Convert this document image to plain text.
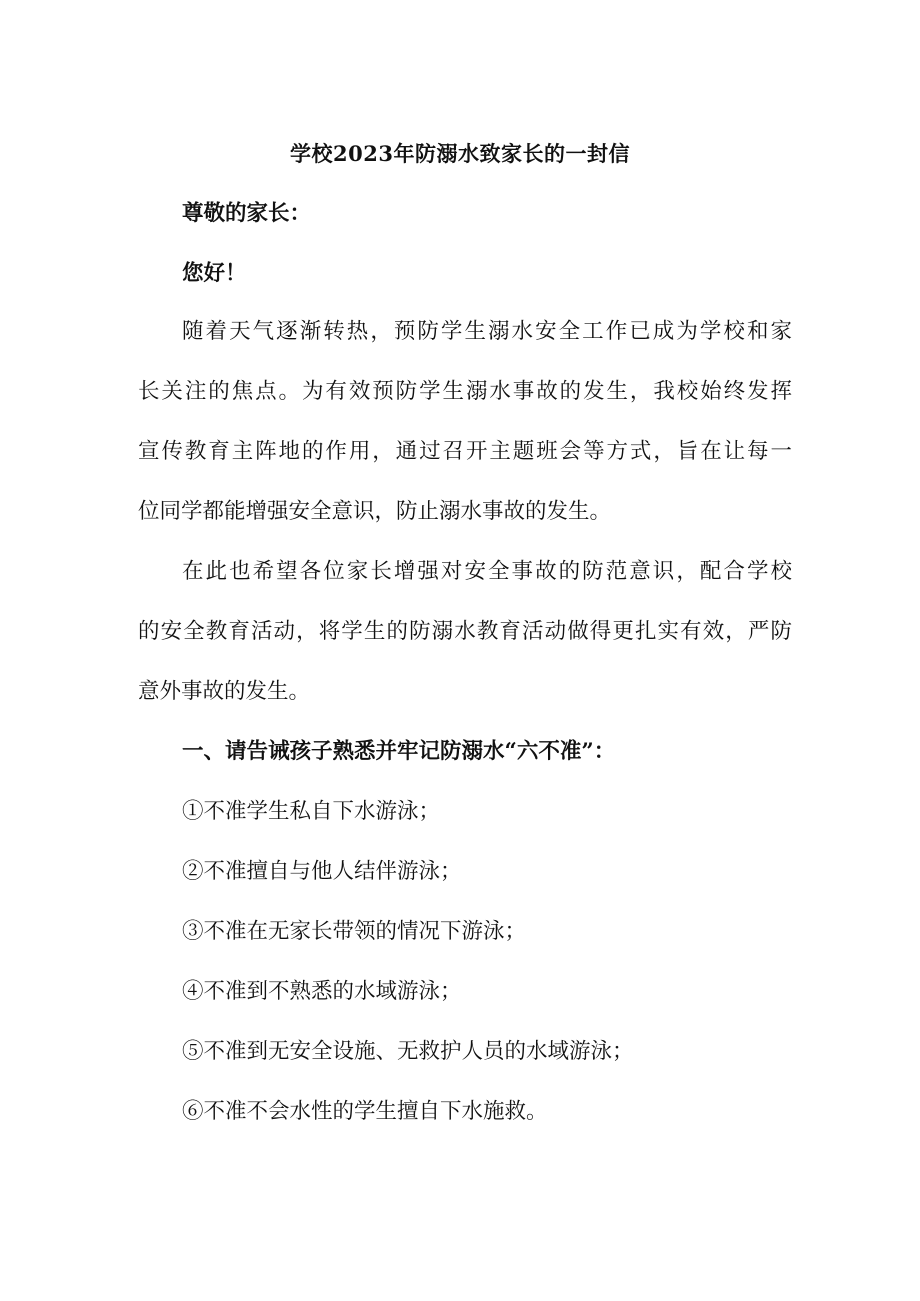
学校2023年防溺水致家长的一封信
尊敬的家长：
您好！
随着天气逐渐转热，预防学生溺水安全工作已成为学校和家
长关注的焦点。为有效预防学生溺水事故的发生，我校始终发挥
宣传教育主阵地的作用，通过召开主题班会等方式，旨在让每一
位同学都能增强安全意识，防止溺水事故的发生。
在此也希望各位家长增强对安全事故的防范意识，配合学校
的安全教育活动，将学生的防溺水教育活动做得更扎实有效，严防
意外事故的发生。
一、请告诫孩子熟悉并牢记防溺水“六不准”：
①不准学生私自下水游泳；
②不准擅自与他人结伴游泳；
③不准在无家长带领的情况下游泳；
④不准到不熟悉的水域游泳；
⑤不准到无安全设施、无救护人员的水域游泳；
⑥不准不会水性的学生擅自下水施救。
